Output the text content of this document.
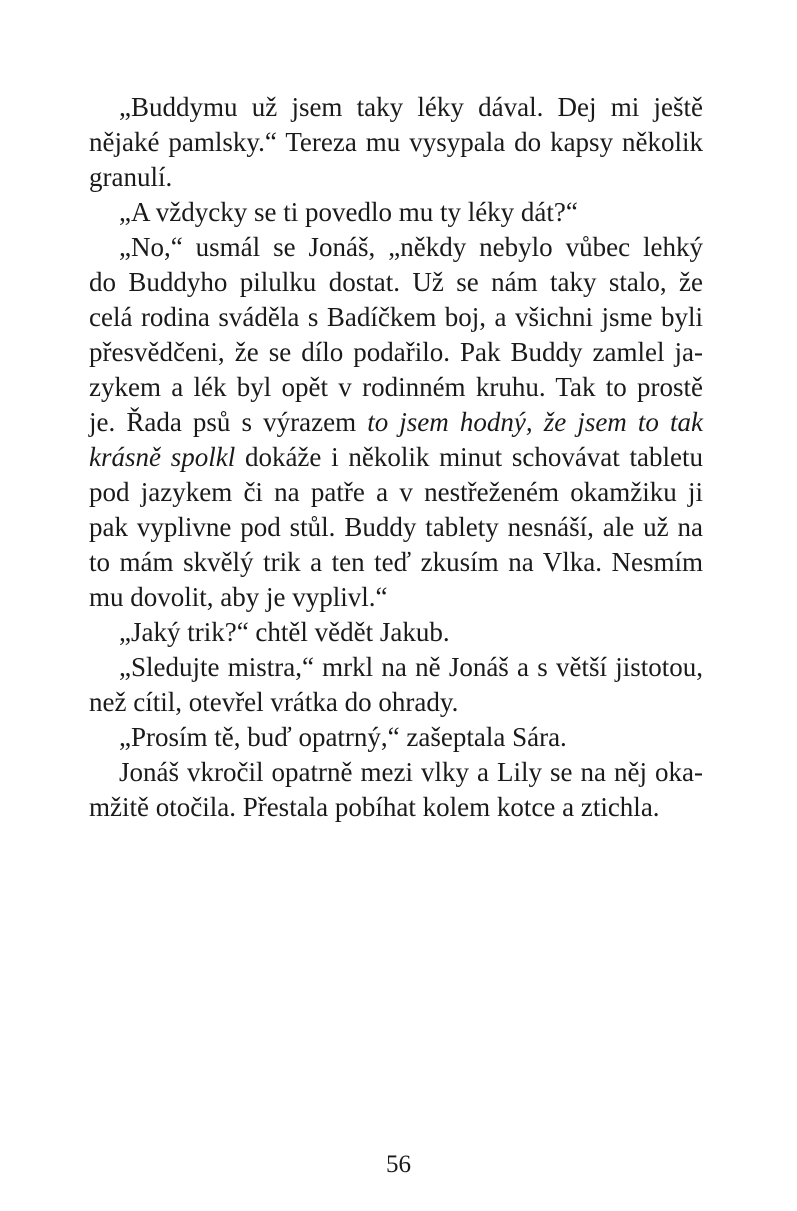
„Buddymu už jsem taky léky dával. Dej mi ještě
nějaké pamlsky.“ Tereza mu vysypala do kapsy několik
granulí.
„A vždycky se ti povedlo mu ty léky dát?“
„No,“ usmál se Jonáš, „někdy nebylo vůbec lehký
do Buddyho pilulku dostat. Už se nám taky stalo, že
celá rodina sváděla s Badíčkem boj, a všichni jsme byli
přesvědčeni, že se dílo podařilo. Pak Buddy zamlel ja-
zykem a lék byl opět v rodinném kruhu. Tak to prostě
je. Řada psů s výrazem to jsem hodný, že jsem to tak
krásně spolkl dokáže i několik minut schovávat tabletu
pod jazykem či na patře a v nestřeženém okamžiku ji
pak vyplivne pod stůl. Buddy tablety nesnáší, ale už na
to mám skvělý trik a ten teď zkusím na Vlka. Nesmím
mu dovolit, aby je vyplivl.“
„Jaký trik?“ chtěl vědět Jakub.
„Sledujte mistra,“ mrkl na ně Jonáš a s větší jistotou,
než cítil, otevřel vrátka do ohrady.
„Prosím tě, buď opatrný,“ zašeptala Sára.
Jonáš vkročil opatrně mezi vlky a Lily se na něj oka-
mžitě otočila. Přestala pobíhat kolem kotce a ztichla.
56
